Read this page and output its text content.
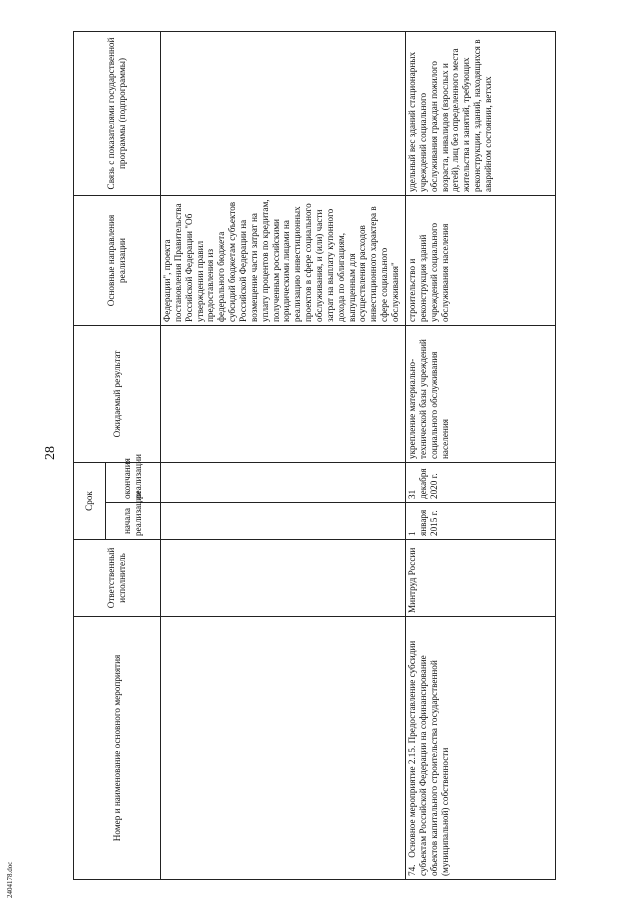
28
2404178.doc
Номер и наименование основного мероприятия	Ответственный исполнитель	Срок		Ожидаемый результат	Основные направления реализации	Связь с показателями государственной программы (подпрограммы)
		начала реализации	окончания реализации			
					Федерации", проекта постановления Правительства Российской Федерации "Об утверждении правил предоставления из федерального бюджета субсидий бюджетам субъектов Российской Федерации на возмещение части затрат на уплату процентов по кредитам, полученным российскими юридическими лицами на реализацию инвестиционных проектов в сфере социального обслуживания, и (или) части затрат на выплату купонного дохода по облигациям, выпущенным для осуществления расходов инвестиционного характера в сфере социального обслуживания"	
74. Основное мероприятие 2.15. Предоставление субсидии субъектам Российской Федерации на софинансирование объектов капитального строительства государственной (муниципальной) собственности	Минтруд России	1 января 2015 г.	31 декабря 2020 г.	укрепление материально-технической базы учреждений социального обслуживания населения	строительство и реконструкция зданий учреждений социального обслуживания населения	удельный вес зданий стационарных учреждений социального обслуживания граждан пожилого возраста, инвалидов (взрослых и детей), лиц без определенного места жительства и занятий, требующих реконструкции, зданий, находящихся в аварийном состоянии, ветхих
